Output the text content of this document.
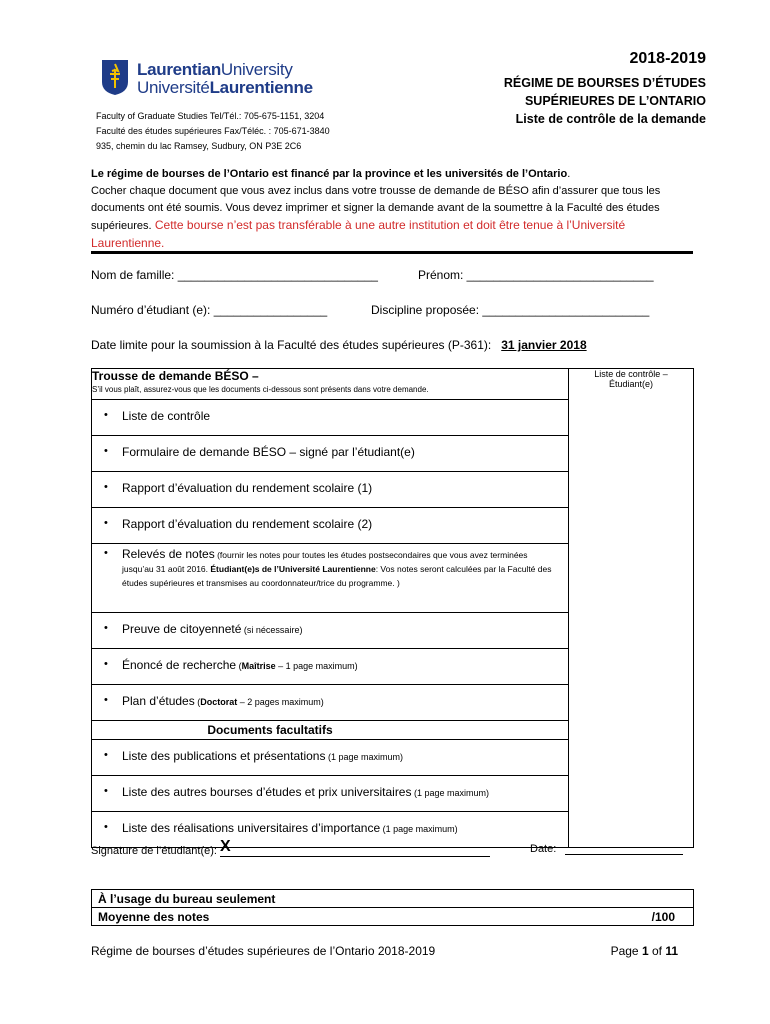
LaurentianUniversity
UniversitéLaurentienne
Faculty of Graduate Studies Tel/Tél.: 705-675-1151, 3204
Faculté des études supérieures Fax/Téléc. : 705-671-3840
935, chemin du lac Ramsey, Sudbury, ON P3E 2C6
2018-2019
RÉGIME DE BOURSES D’ÉTUDES
SUPÉRIEURES DE L’ONTARIO
Liste de contrôle de la demande
Le régime de bourses de l’Ontario est financé par la province et les universités de l’Ontario.
Cocher chaque document que vous avez inclus dans votre trousse de demande de BÉSO afin d’assurer que tous les documents ont été soumis. Vous devez imprimer et signer la demande avant de la soumettre à la Faculté des études supérieures. Cette bourse n’est pas transférable à une autre institution et doit être tenue à l’Université Laurentienne.
Nom de famille: ______________________________	Prénom: ____________________________
Numéro d’étudiant (e): _________________	Discipline proposée: _________________________
Date limite pour la soumission à la Faculté des études supérieures (P-361): 31 janvier 2018
Trousse de demande BÉSO –
S’il vous plaît, assurez-vous que les documents ci-dessous sont présents dans votre demande.

Liste de contrôle – Étudiant(e)

• Liste de contrôle

• Formulaire de demande BÉSO – signé par l’étudiant(e)

• Rapport d’évaluation du rendement scolaire (1)

• Rapport d’évaluation du rendement scolaire (2)

• Relevés de notes (fournir les notes pour toutes les études postsecondaires que vous avez terminées jusqu’au 31 août 2016. Étudiant(e)s de l’Université Laurentienne: Vos notes seront calculées par la Faculté des études supérieures et transmises au coordonnateur/trice du programme. )

• Preuve de citoyenneté (si nécessaire)

• Énoncé de recherche (Maîtrise – 1 page maximum)

• Plan d’études (Doctorat – 2 pages maximum)

Documents facultatifs

• Liste des publications et présentations (1 page maximum)

• Liste des autres bourses d’études et prix universitaires (1 page maximum)

• Liste des réalisations universitaires d’importance (1 page maximum)
Signature de l’étudiant(e): X	Date:
À l’usage du bureau seulement
Moyenne des notes	/100
Régime de bourses d’études supérieures de l’Ontario 2018-2019	Page 1 of 11
